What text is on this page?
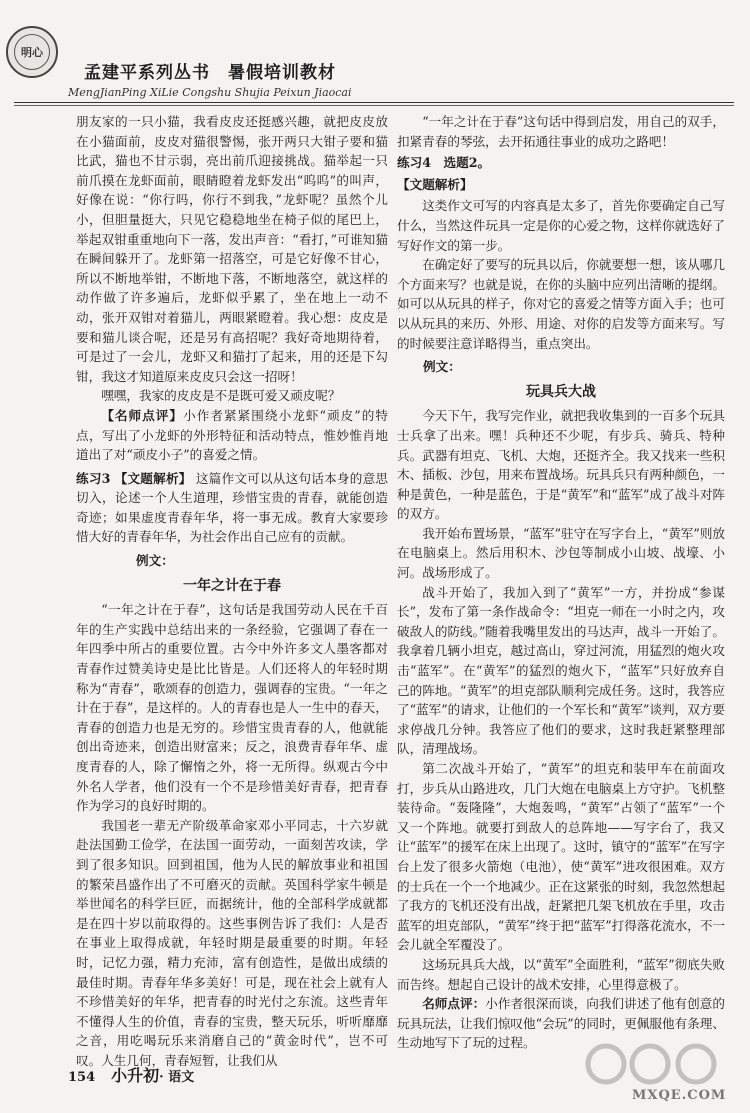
明心
孟建平系列丛书 暑假培训教材
MengJianPing XiLie Congshu Shujia Peixun Jiaocai

朋友家的一只小猫，我看皮皮还挺感兴趣，就把皮皮放在小猫面前，皮皮对猫很警惕，张开两只大钳子要和猫比武，猫也不甘示弱，亮出前爪迎接挑战。猫举起一只前爪摸在龙虾面前，眼睛瞪着龙虾发出“呜呜”的叫声，好像在说：“你行吗，你行不到我，”龙虾呢？虽然个儿小，但胆量挺大，只见它稳稳地坐在椅子似的尾巴上，举起双钳重重地向下一落，发出声音：“看打，”可谁知猫在瞬间躲开了。龙虾第一招落空，可是它好像不甘心，所以不断地举钳，不断地下落，不断地落空，就这样的动作做了许多遍后，龙虾似乎累了，坐在地上一动不动，张开双钳对着猫儿，两眼紧瞪着。我心想：皮皮是要和猫儿谈合呢，还是另有高招呢？我好奇地期待着，可是过了一会儿，龙虾又和猫打了起来，用的还是下勾钳，我这才知道原来皮皮只会这一招呀！

嘿嘿，我家的皮皮是不是既可爱又顽皮呢？

【名师点评】小作者紧紧围绕小龙虾“顽皮”的特点，写出了小龙虾的外形特征和活动特点，惟妙惟肖地道出了对“顽皮小子”的喜爱之情。

练习3 【文题解析】 这篇作文可以从这句话本身的意思切入，论述一个人生道理，珍惜宝贵的青春，就能创造奇迹；如果虚度青春年华，将一事无成。教育大家要珍惜大好的青春年华，为社会作出自己应有的贡献。

例文：

一年之计在于春

“一年之计在于春”，这句话是我国劳动人民在千百年的生产实践中总结出来的一条经验，它强调了春在一年四季中所占的重要位置。古今中外许多文人墨客都对青春作过赞美诗史是比比皆是。人们还将人的年轻时期称为“青春”，歌颂春的创造力，强调春的宝贵。“一年之计在于春”，是这样的。人的青春也是人一生中的春天，青春的创造力也是无穷的。珍惜宝贵青春的人，他就能创出奇迹来，创造出财富来；反之，浪费青春年华、虚度青春的人，除了懈惰之外，将一无所得。纵观古今中外名人学者，他们没有一个不是珍惜美好青春，把青春作为学习的良好时期的。

我国老一辈无产阶级革命家邓小平同志，十六岁就赴法国勤工俭学，在法国一面劳动，一面刻苦攻读，学到了很多知识。回到祖国，他为人民的解放事业和祖国的繁荣昌盛作出了不可磨灭的贡献。英国科学家牛顿是举世闻名的科学巨匠，而据统计，他的全部科学成就都是在四十岁以前取得的。这些事例告诉了我们：人是否在事业上取得成就，年轻时期是最重要的时期。年轻时，记忆力强，精力充沛，富有创造性，是做出成绩的最佳时期。青春年华多美好！可是，现在社会上就有人不珍惜美好的年华，把青春的时光付之东流。这些青年不懂得人生的价值，青春的宝贵，整天玩乐，听听靡靡之音，用吃喝玩乐来消磨自己的“黄金时代”，岂不可叹。人生几何，青春短暂，让我们从

“一年之计在于春”这句话中得到启发，用自己的双手，扣紧青春的琴弦，去开拓通往事业的成功之路吧！

练习4　 选题2。

【文题解析】

这类作文可写的内容真是太多了，首先你要确定自己写什么，当然这件玩具一定是你的心爱之物，这样你就选好了写好作文的第一步。

在确定好了要写的玩具以后，你就要想一想，该从哪几个方面来写？也就是说，在你的头脑中应列出清晰的提纲。如可以从玩具的样子，你对它的喜爱之情等方面入手；也可以从玩具的来历、外形、用途、对你的启发等方面来写。写的时候要注意详略得当，重点突出。

例文：

玩具兵大战

今天下午，我写完作业，就把我收集到的一百多个玩具士兵拿了出来。嘿！兵种还不少呢，有步兵、骑兵、特种兵。武器有坦克、飞机、大炮，还挺齐全。我又找来一些积木、插板、沙包，用来布置战场。玩具兵只有两种颜色，一种是黄色，一种是蓝色，于是“黄军”和“蓝军”成了战斗对阵的双方。

我开始布置场景，“蓝军”驻守在写字台上，“黄军”则放在电脑桌上。然后用积木、沙包等制成小山坡、战壕、小河。战场形成了。

战斗开始了，我加入到了“黄军”一方，并扮成“参谋长”，发布了第一条作战命令：“坦克一师在一小时之内，攻破敌人的防线。”随着我嘴里发出的马达声，战斗一开始了。我拿着几辆小坦克，越过高山，穿过河流，用猛烈的炮火攻击“蓝军”。在“黄军”的猛烈的炮火下，“蓝军”只好放弃自己的阵地。“黄军”的坦克部队顺利完成任务。这时，我答应了“蓝军”的请求，让他们的一个军长和“黄军”谈判，双方要求停战几分钟。我答应了他们的要求，这时我赶紧整理部队，清理战场。

第二次战斗开始了，“黄军”的坦克和装甲车在前面攻打，步兵从山路进攻，几门大炮在电脑桌上方守护。飞机整装待命。“轰隆隆”，大炮轰鸣，“黄军”占领了“蓝军”一个又一个阵地。就要打到敌人的总阵地——写字台了，我又让“蓝军”的援军在床上出现了。这时，镇守的“蓝军”在写字台上发了很多火箭炮（电池），使“黄军”进攻很困难。双方的士兵在一个一个地减少。正在这紧张的时刻，我忽然想起了我方的飞机还没有出战，赶紧把几架飞机放在手里，攻击蓝军的坦克部队，“黄军”终于把“蓝军”打得落花流水，不一会儿就全军覆没了。

这场玩具兵大战，以“黄军”全面胜利，“蓝军”彻底失败而告终。想起自己设计的战术安排，心里得意极了。

名师点评：小作者很深而谈，向我们讲述了他有创意的玩具玩法，让我们惊叹他“会玩”的同时，更佩服他有条理、生动地写下了玩的过程。

154 小升初· 语文
MXQE.COM
